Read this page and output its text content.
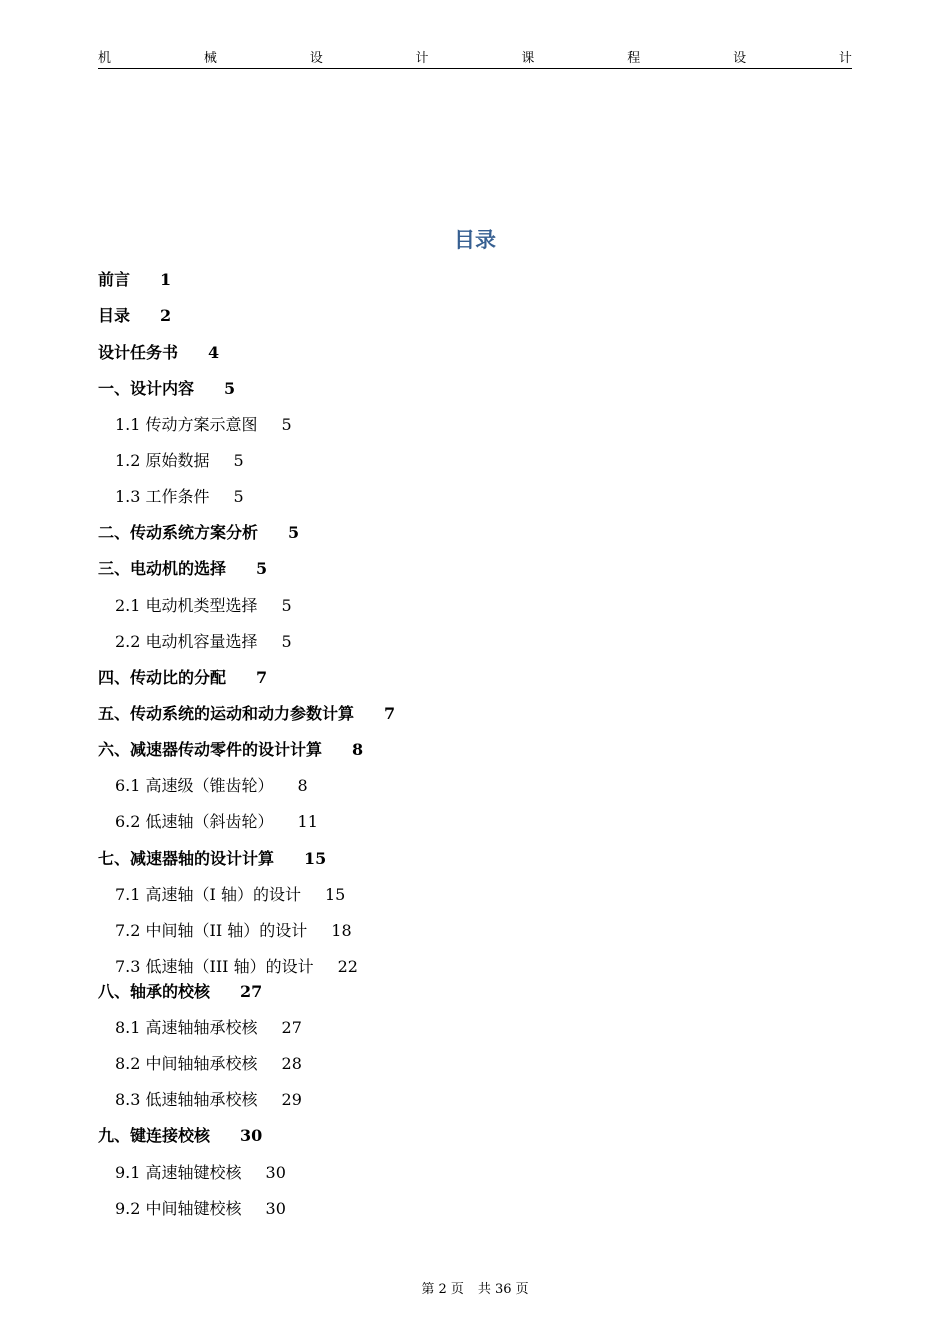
机	械	设	计	课	程	设	计
目录
前言 1
目录 2
设计任务书 4
一、设计内容 5
1.1 传动方案示意图 5
1.2 原始数据 5
1.3 工作条件 5
二、传动系统方案分析 5
三、电动机的选择 5
2.1 电动机类型选择 5
2.2 电动机容量选择 5
四、传动比的分配 7
五、传动系统的运动和动力参数计算 7
六、减速器传动零件的设计计算 8
6.1 高速级（锥齿轮） 8
6.2 低速轴（斜齿轮） 11
七、减速器轴的设计计算 15
7.1 高速轴（I 轴）的设计 15
7.2 中间轴（II 轴）的设计 18
7.3 低速轴（III 轴）的设计 22
八、轴承的校核 27
8.1 高速轴轴承校核 27
8.2 中间轴轴承校核 28
8.3 低速轴轴承校核 29
九、键连接校核 30
9.1 高速轴键校核 30
9.2 中间轴键校核 30
第 2 页 共 36 页
